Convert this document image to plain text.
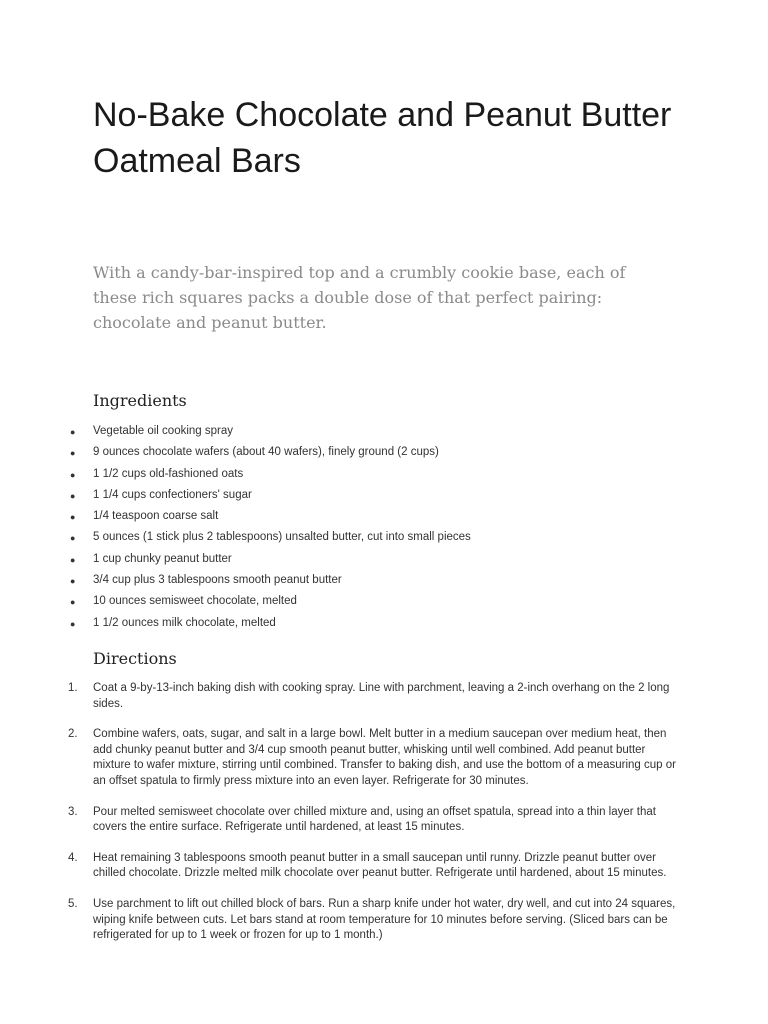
No-Bake Chocolate and Peanut Butter Oatmeal Bars

With a candy-bar-inspired top and a crumbly cookie base, each of these rich squares packs a double dose of that perfect pairing: chocolate and peanut butter.

Ingredients
● Vegetable oil cooking spray
● 9 ounces chocolate wafers (about 40 wafers), finely ground (2 cups)
● 1 1/2 cups old-fashioned oats
● 1 1/4 cups confectioners' sugar
● 1/4 teaspoon coarse salt
● 5 ounces (1 stick plus 2 tablespoons) unsalted butter, cut into small pieces
● 1 cup chunky peanut butter
● 3/4 cup plus 3 tablespoons smooth peanut butter
● 10 ounces semisweet chocolate, melted
● 1 1/2 ounces milk chocolate, melted
Directions
1. Coat a 9-by-13-inch baking dish with cooking spray. Line with parchment, leaving a 2-inch overhang on the 2 long sides.
2. Combine wafers, oats, sugar, and salt in a large bowl. Melt butter in a medium saucepan over medium heat, then add chunky peanut butter and 3/4 cup smooth peanut butter, whisking until well combined. Add peanut butter mixture to wafer mixture, stirring until combined. Transfer to baking dish, and use the bottom of a measuring cup or an offset spatula to firmly press mixture into an even layer. Refrigerate for 30 minutes.
3. Pour melted semisweet chocolate over chilled mixture and, using an offset spatula, spread into a thin layer that covers the entire surface. Refrigerate until hardened, at least 15 minutes.
4. Heat remaining 3 tablespoons smooth peanut butter in a small saucepan until runny. Drizzle peanut butter over chilled chocolate. Drizzle melted milk chocolate over peanut butter. Refrigerate until hardened, about 15 minutes.
5. Use parchment to lift out chilled block of bars. Run a sharp knife under hot water, dry well, and cut into 24 squares, wiping knife between cuts. Let bars stand at room temperature for 10 minutes before serving. (Sliced bars can be refrigerated for up to 1 week or frozen for up to 1 month.)
